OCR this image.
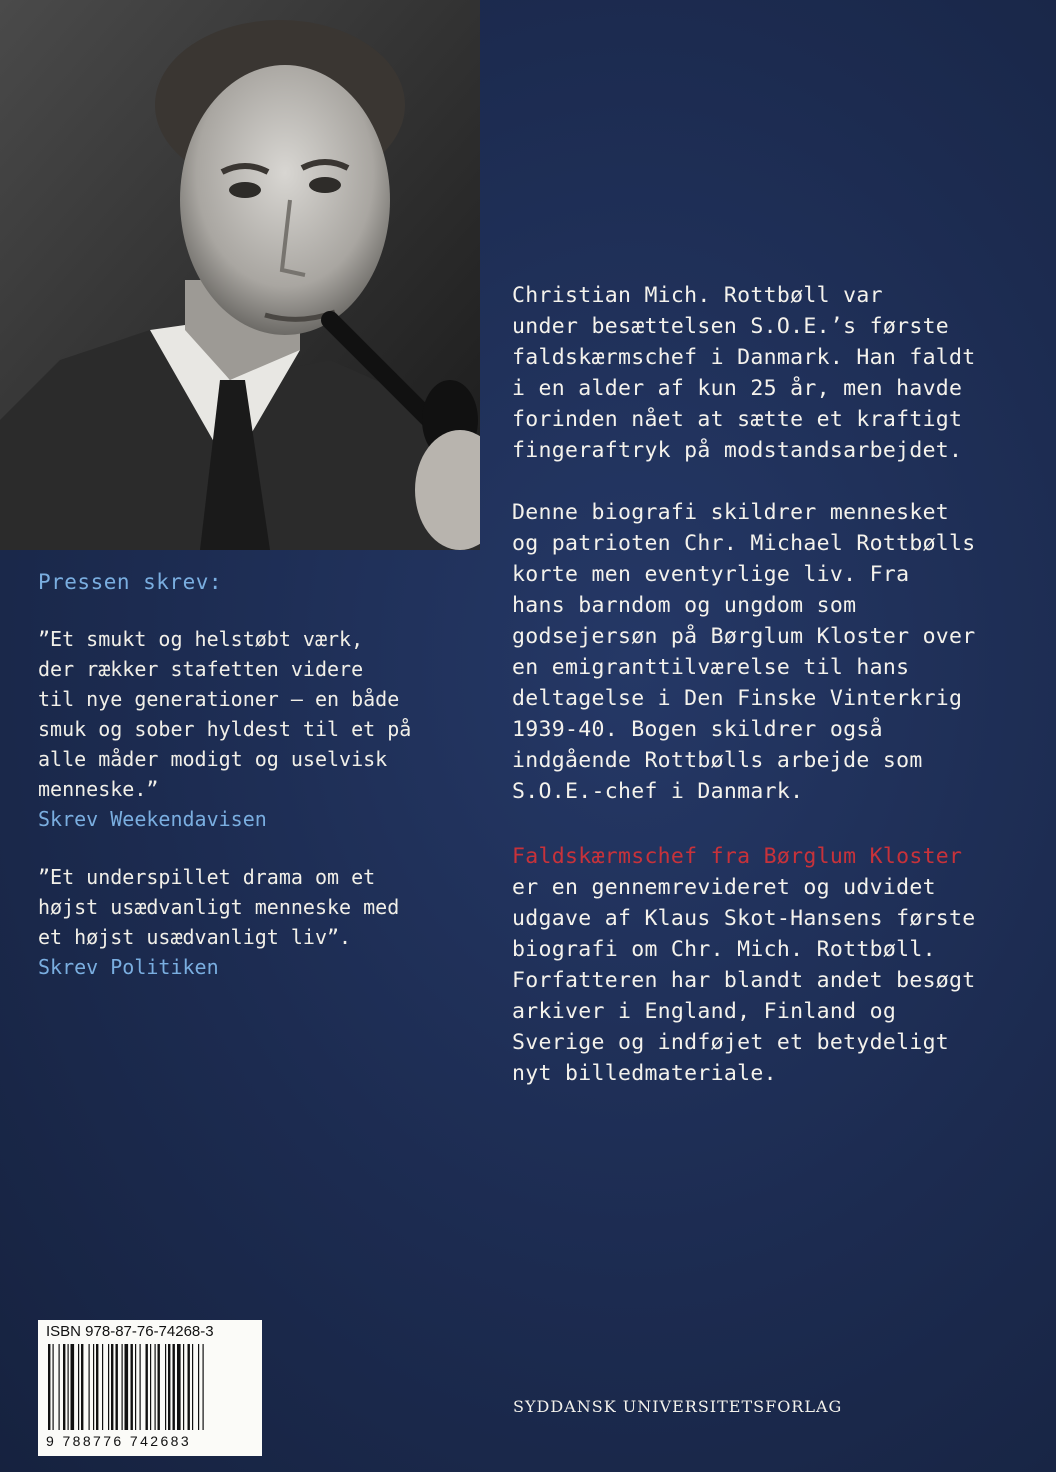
Christian Mich. Rottbøll var
under besættelsen S.O.E.’s første
faldskærmschef i Danmark. Han faldt
i en alder af kun 25 år, men havde
forinden nået at sætte et kraftigt
fingeraftryk på modstandsarbejdet.
Denne biografi skildrer mennesket
og patrioten Chr. Michael Rottbølls
korte men eventyrlige liv. Fra
hans barndom og ungdom som
godsejersøn på Børglum Kloster over
en emigranttilværelse til hans
deltagelse i Den Finske Vinterkrig
1939-40. Bogen skildrer også
indgående Rottbølls arbejde som
S.O.E.-chef i Danmark.
Faldskærmschef fra Børglum Kloster
er en gennemrevideret og udvidet
udgave af Klaus Skot-Hansens første
biografi om Chr. Mich. Rottbøll.
Forfatteren har blandt andet besøgt
arkiver i England, Finland og
Sverige og indføjet et betydeligt
nyt billedmateriale.
Pressen skrev:
”Et smukt og helstøbt værk,
der rækker stafetten videre
til nye generationer — en både
smuk og sober hyldest til et på
alle måder modigt og uselvisk
menneske.”
Skrev Weekendavisen
”Et underspillet drama om et
højst usædvanligt menneske med
et højst usædvanligt liv”.
Skrev Politiken
ISBN 978-87-76-74268-3
9 788776 742683
SYDDANSK UNIVERSITETSFORLAG
